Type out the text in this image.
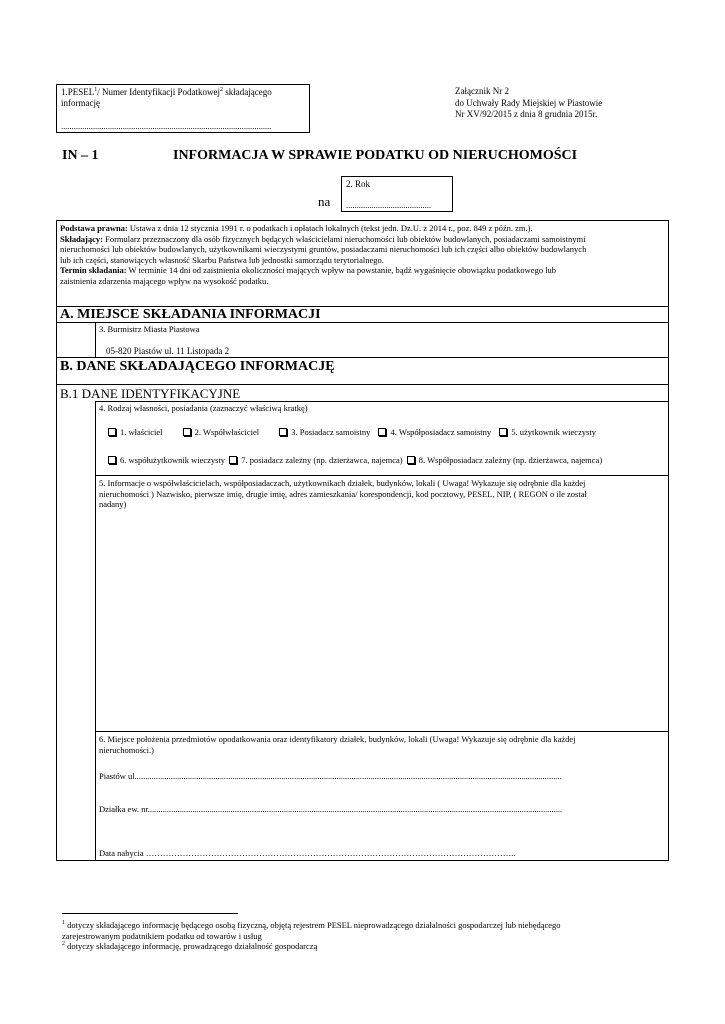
1.PESEL$^1$/ Numer Identyfikacji Podatkowej$^2$ składającego
informację
...................................................................................................
Załącznik Nr 2
do Uchwały Rady Miejskiej w Piastowie
Nr XV/92/2015 z dnia 8 grudnia 2015r.
IN – 1	INFORMACJA W SPRAWIE PODATKU OD NIERUCHOMOŚCI
na
2. Rok
........................................
Podstawa prawna: Ustawa z dnia 12 stycznia 1991 r. o podatkach i opłatach lokalnych (tekst jedn. Dz.U. z 2014 r., poz. 849 z późn. zm.).
Składający: Formularz przeznaczony dla osób fizycznych będących właścicielami nieruchomości lub obiektów budowlanych, posiadaczami samoistnymi
nieruchomości lub obiektów budowlanych, użytkownikami wieczystymi gruntów, posiadaczami nieruchomości lub ich części albo obiektów budowlanych
lub ich części, stanowiących własność Skarbu Państwa lub jednostki samorządu terytorialnego.
Termin składania: W terminie 14 dni od zaistnienia okoliczności mających wpływ na powstanie, bądź wygaśnięcie obowiązku podatkowego lub
zaistnienia zdarzenia mającego wpływ na wysokość podatku.
A. MIEJSCE SKŁADANIA INFORMACJI
3. Burmistrz Miasta Piastowa
05-820 Piastów ul. 11 Listopada 2
B. DANE SKŁADAJĄCEGO INFORMACJĘ
B.1 DANE IDENTYFIKACYJNE
4. Rodzaj własności, posiadania (zaznaczyć właściwą kratkę)
1. właściciel	2. Współwłaściciel	3. Posiadacz samoistny 4. Współposiadacz samoistny 5. użytkownik wieczysty
6. współużytkownik wieczysty 7. posiadacz zależny (np. dzierżawca, najemca) 8. Współposiadacz zależny (np. dzierżawca, najemca)
5. Informacje o współwłaścicielach, współposiadaczach, użytkownikach działek, budynków, lokali ( Uwaga! Wykazuje się odrębnie dla każdej
nieruchomości ) Nazwisko, pierwsze imię, drugie imię, adres zamieszkania/ korespondencji, kod pocztowy, PESEL, NIP, ( REGON o ile został
nadany)
6. Miejsce położenia przedmiotów opodatkowania oraz identyfikatory działek, budynków, lokali (Uwaga! Wykazuje się odrębnie dla każdej
nieruchomości.)
Piastów ul.........................................................................................................................................................................................................
Działka ew. nr...................................................................................................................................................................................................
Data nabycia …………………………………………………………………………………………………………………..
$^1$ dotyczy składającego informację będącego osobą fizyczną, objętą rejestrem PESEL nieprowadzącego działalności gospodarczej lub niebędącego
zarejestrowanym podatnikiem podatku od towarów i usług
$^2$ dotyczy składającego informację, prowadzącego działalność gospodarczą
